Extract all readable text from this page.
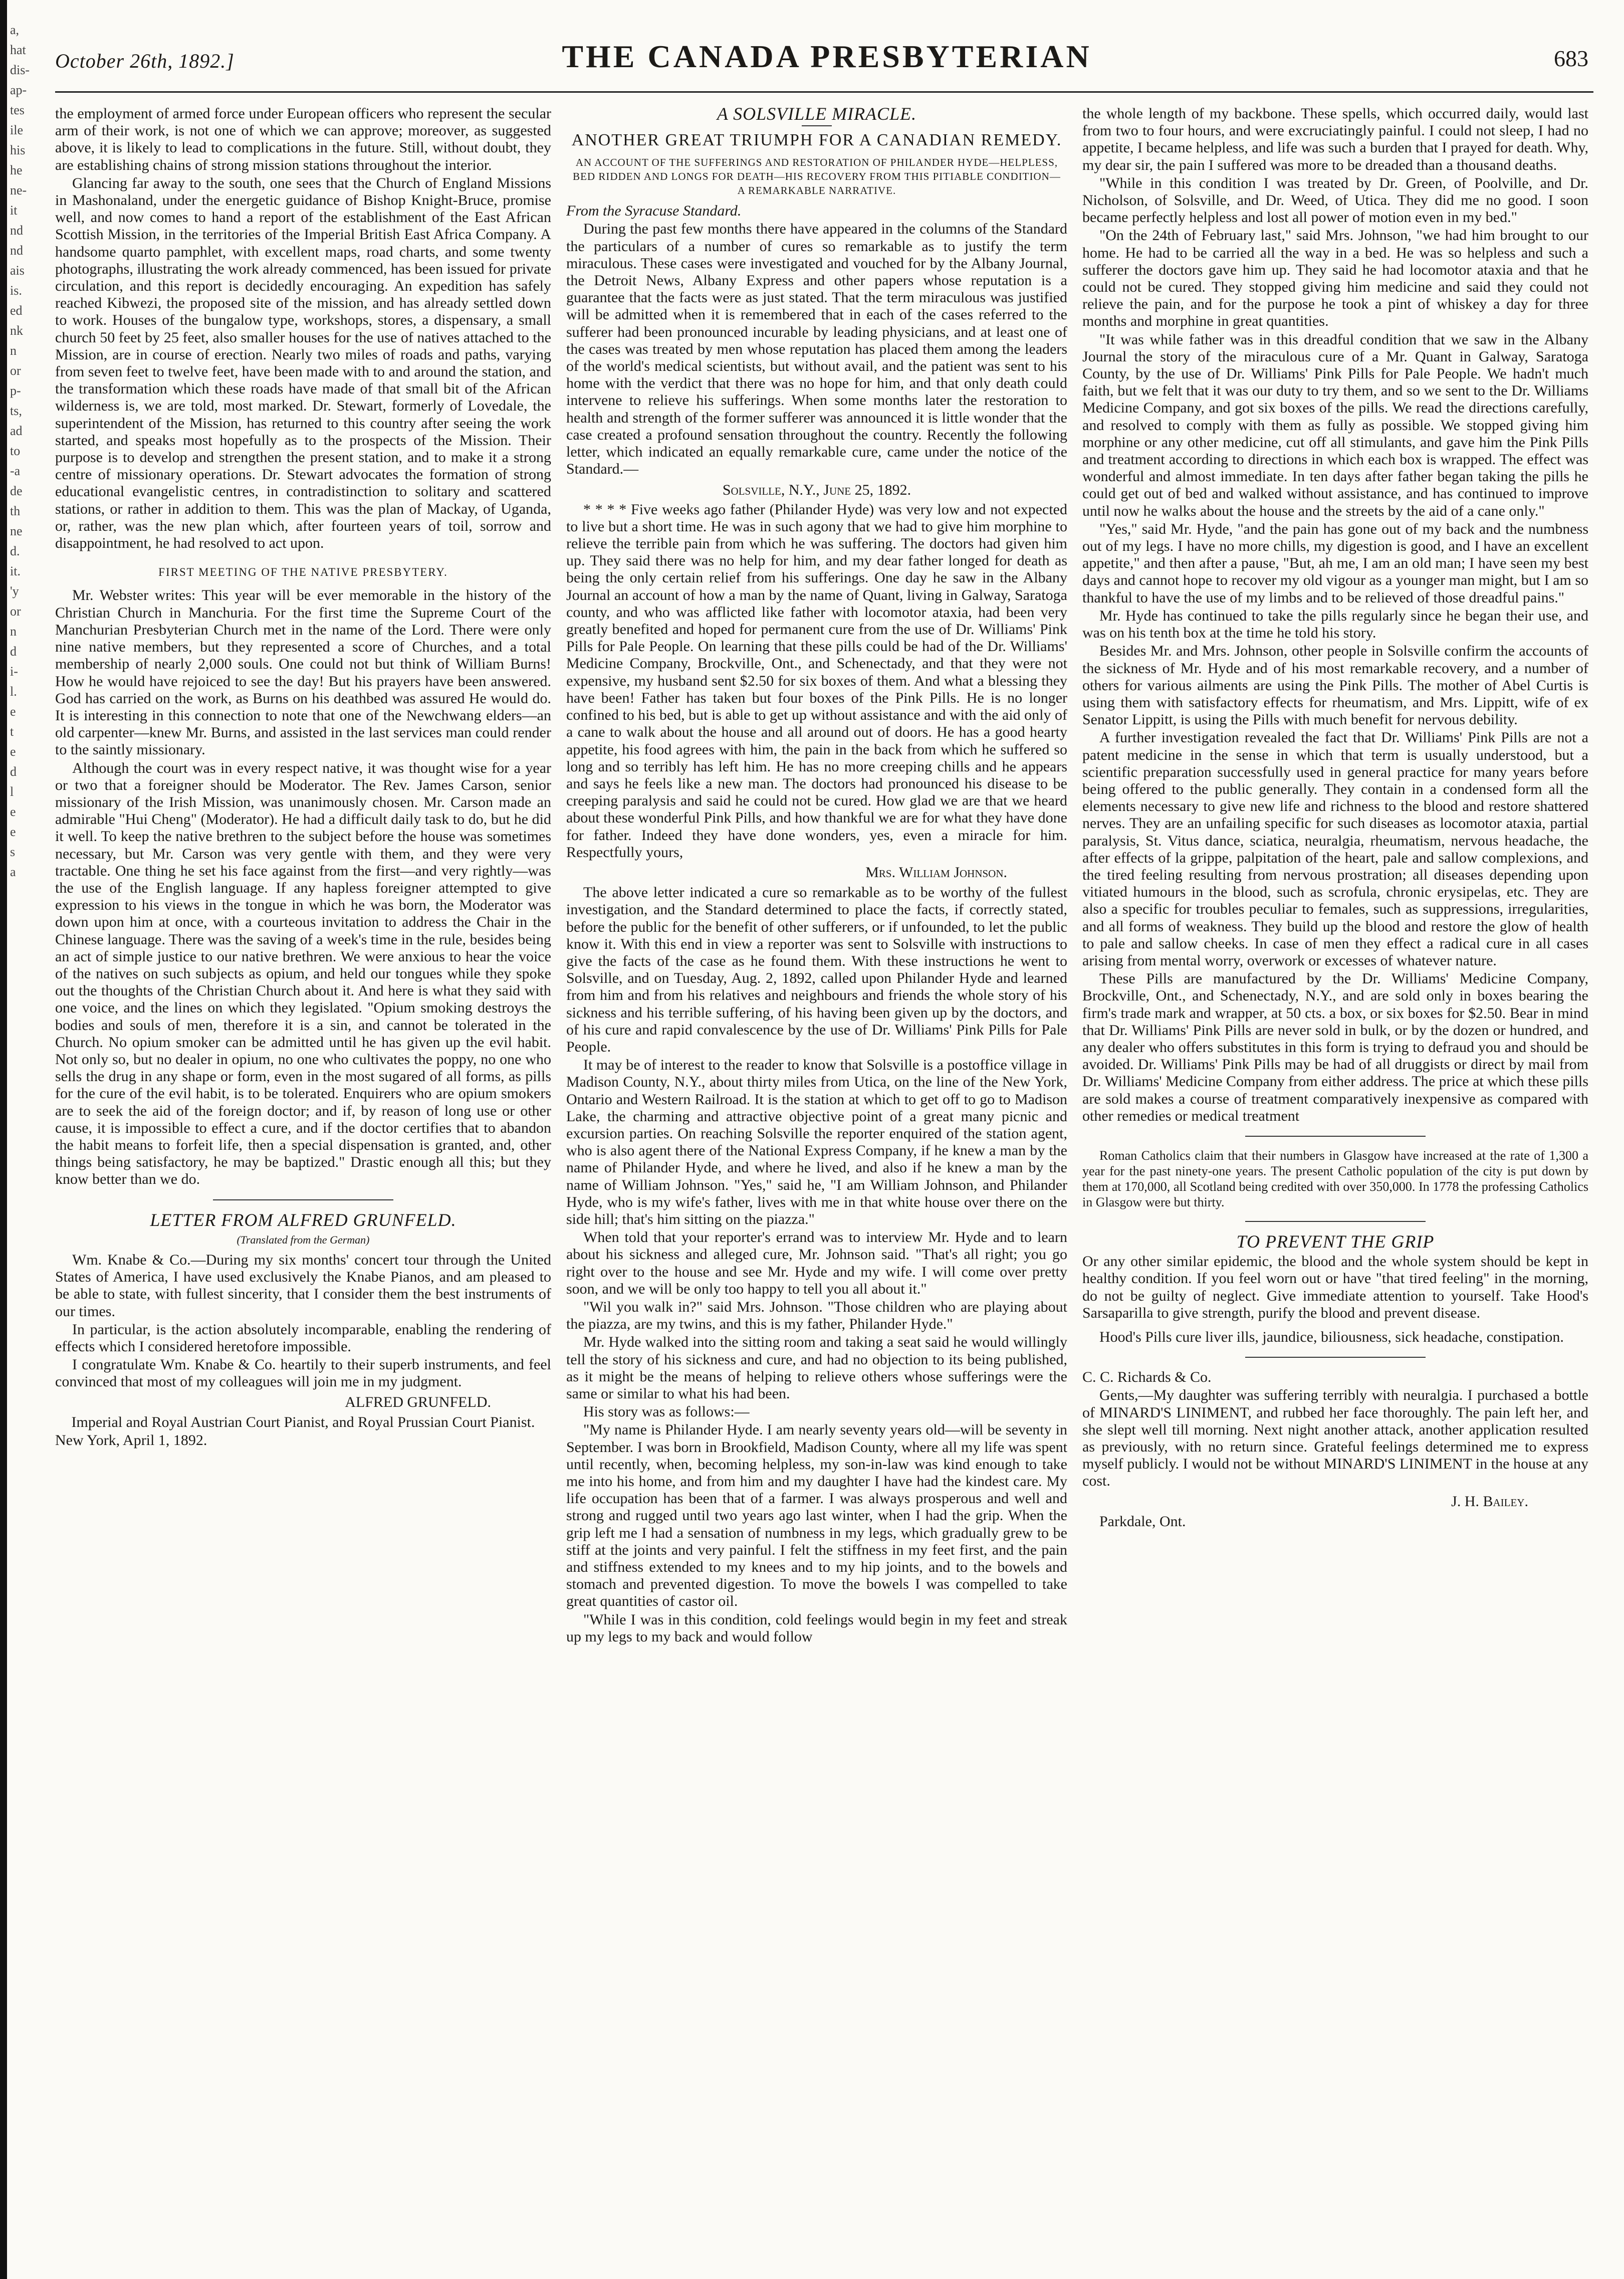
a,
hat
dis-
ap-
tes
ile
his
he
ne-
it
nd
nd
ais
is.
ed
nk
n
or
p-
ts,
ad
to
-a
de
th
ne
d.
it.
'y
or
n
d
i-
l.
e
t
e
d
l
e
e
s
a
October 26th, 1892.]	THE CANADA PRESBYTERIAN	683

the employment of armed force under European officers who represent the secular arm of their work, is not one of which we can approve; moreover, as suggested above, it is likely to lead to complications in the future. Still, without doubt, they are establishing chains of strong mission stations throughout the interior.

Glancing far away to the south, one sees that the Church of England Missions in Mashonaland, under the energetic guidance of Bishop Knight-Bruce, promise well, and now comes to hand a report of the establishment of the East African Scottish Mission, in the territories of the Imperial British East Africa Company. A handsome quarto pamphlet, with excellent maps, road charts, and some twenty photographs, illustrating the work already commenced, has been issued for private circulation, and this report is decidedly encouraging. An expedition has safely reached Kibwezi, the proposed site of the mission, and has already settled down to work. Houses of the bungalow type, workshops, stores, a dispensary, a small church 50 feet by 25 feet, also smaller houses for the use of natives attached to the Mission, are in course of erection. Nearly two miles of roads and paths, varying from seven feet to twelve feet, have been made with to and around the station, and the transformation which these roads have made of that small bit of the African wilderness is, we are told, most marked. Dr. Stewart, formerly of Lovedale, the superintendent of the Mission, has returned to this country after seeing the work started, and speaks most hopefully as to the prospects of the Mission. Their purpose is to develop and strengthen the present station, and to make it a strong centre of missionary operations. Dr. Stewart advocates the formation of strong educational evangelistic centres, in contradistinction to solitary and scattered stations, or rather in addition to them. This was the plan of Mackay, of Uganda, or, rather, was the new plan which, after fourteen years of toil, sorrow and disappointment, he had resolved to act upon.

FIRST MEETING OF THE NATIVE PRESBYTERY.

Mr. Webster writes: This year will be ever memorable in the history of the Christian Church in Manchuria. For the first time the Supreme Court of the Manchurian Presbyterian Church met in the name of the Lord. There were only nine native members, but they represented a score of Churches, and a total membership of nearly 2,000 souls. One could not but think of William Burns! How he would have rejoiced to see the day! But his prayers have been answered. God has carried on the work, as Burns on his deathbed was assured He would do. It is interesting in this connection to note that one of the Newchwang elders—an old carpenter—knew Mr. Burns, and assisted in the last services man could render to the saintly missionary.

Although the court was in every respect native, it was thought wise for a year or two that a foreigner should be Moderator. The Rev. James Carson, senior missionary of the Irish Mission, was unanimously chosen. Mr. Carson made an admirable "Hui Cheng" (Moderator). He had a difficult daily task to do, but he did it well. To keep the native brethren to the subject before the house was sometimes necessary, but Mr. Carson was very gentle with them, and they were very tractable. One thing he set his face against from the first—and very rightly—was the use of the English language. If any hapless foreigner attempted to give expression to his views in the tongue in which he was born, the Moderator was down upon him at once, with a courteous invitation to address the Chair in the Chinese language. There was the saving of a week's time in the rule, besides being an act of simple justice to our native brethren. We were anxious to hear the voice of the natives on such subjects as opium, and held our tongues while they spoke out the thoughts of the Christian Church about it. And here is what they said with one voice, and the lines on which they legislated. "Opium smoking destroys the bodies and souls of men, therefore it is a sin, and cannot be tolerated in the Church. No opium smoker can be admitted until he has given up the evil habit. Not only so, but no dealer in opium, no one who cultivates the poppy, no one who sells the drug in any shape or form, even in the most sugared of all forms, as pills for the cure of the evil habit, is to be tolerated. Enquirers who are opium smokers are to seek the aid of the foreign doctor; and if, by reason of long use or other cause, it is impossible to effect a cure, and if the doctor certifies that to abandon the habit means to forfeit life, then a special dispensation is granted, and, other things being satisfactory, he may be baptized." Drastic enough all this; but they know better than we do.

LETTER FROM ALFRED GRUNFELD.
(Translated from the German)

Wm. Knabe & Co.—During my six months' concert tour through the United States of America, I have used exclusively the Knabe Pianos, and am pleased to be able to state, with fullest sincerity, that I consider them the best instruments of our times.

In particular, is the action absolutely incomparable, enabling the rendering of effects which I considered heretofore impossible.

I congratulate Wm. Knabe & Co. heartily to their superb instruments, and feel convinced that most of my colleagues will join me in my judgment.

ALFRED GRUNFELD.

Imperial and Royal Austrian Court Pianist, and Royal Prussian Court Pianist.

New York, April 1, 1892.

A SOLSVILLE MIRACLE.
ANOTHER GREAT TRIUMPH FOR A CANADIAN REMEDY.
AN ACCOUNT OF THE SUFFERINGS AND RESTORATION OF PHILANDER HYDE—HELPLESS, BED RIDDEN AND LONGS FOR DEATH—HIS RECOVERY FROM THIS PITIABLE CONDITION—A REMARKABLE NARRATIVE.

From the Syracuse Standard.

During the past few months there have appeared in the columns of the Standard the particulars of a number of cures so remarkable as to justify the term miraculous. These cases were investigated and vouched for by the Albany Journal, the Detroit News, Albany Express and other papers whose reputation is a guarantee that the facts were as just stated. That the term miraculous was justified will be admitted when it is remembered that in each of the cases referred to the sufferer had been pronounced incurable by leading physicians, and at least one of the cases was treated by men whose reputation has placed them among the leaders of the world's medical scientists, but without avail, and the patient was sent to his home with the verdict that there was no hope for him, and that only death could intervene to relieve his sufferings. When some months later the restoration to health and strength of the former sufferer was announced it is little wonder that the case created a profound sensation throughout the country. Recently the following letter, which indicated an equally remarkable cure, came under the notice of the Standard.—

Solsville, N.Y., June 25, 1892.

* * * * Five weeks ago father (Philander Hyde) was very low and not expected to live but a short time. He was in such agony that we had to give him morphine to relieve the terrible pain from which he was suffering. The doctors had given him up. They said there was no help for him, and my dear father longed for death as being the only certain relief from his sufferings. One day he saw in the Albany Journal an account of how a man by the name of Quant, living in Galway, Saratoga county, and who was afflicted like father with locomotor ataxia, had been very greatly benefited and hoped for permanent cure from the use of Dr. Williams' Pink Pills for Pale People. On learning that these pills could be had of the Dr. Williams' Medicine Company, Brockville, Ont., and Schenectady, and that they were not expensive, my husband sent $2.50 for six boxes of them. And what a blessing they have been! Father has taken but four boxes of the Pink Pills. He is no longer confined to his bed, but is able to get up without assistance and with the aid only of a cane to walk about the house and all around out of doors. He has a good hearty appetite, his food agrees with him, the pain in the back from which he suffered so long and so terribly has left him. He has no more creeping chills and he appears and says he feels like a new man. The doctors had pronounced his disease to be creeping paralysis and said he could not be cured. How glad we are that we heard about these wonderful Pink Pills, and how thankful we are for what they have done for father. Indeed they have done wonders, yes, even a miracle for him. Respectfully yours,

Mrs. William Johnson.

The above letter indicated a cure so remarkable as to be worthy of the fullest investigation, and the Standard determined to place the facts, if correctly stated, before the public for the benefit of other sufferers, or if unfounded, to let the public know it. With this end in view a reporter was sent to Solsville with instructions to give the facts of the case as he found them. With these instructions he went to Solsville, and on Tuesday, Aug. 2, 1892, called upon Philander Hyde and learned from him and from his relatives and neighbours and friends the whole story of his sickness and his terrible suffering, of his having been given up by the doctors, and of his cure and rapid convalescence by the use of Dr. Williams' Pink Pills for Pale People.

It may be of interest to the reader to know that Solsville is a postoffice village in Madison County, N.Y., about thirty miles from Utica, on the line of the New York, Ontario and Western Railroad. It is the station at which to get off to go to Madison Lake, the charming and attractive objective point of a great many picnic and excursion parties. On reaching Solsville the reporter enquired of the station agent, who is also agent there of the National Express Company, if he knew a man by the name of Philander Hyde, and where he lived, and also if he knew a man by the name of William Johnson. "Yes," said he, "I am William Johnson, and Philander Hyde, who is my wife's father, lives with me in that white house over there on the side hill; that's him sitting on the piazza."

When told that your reporter's errand was to interview Mr. Hyde and to learn about his sickness and alleged cure, Mr. Johnson said. "That's all right; you go right over to the house and see Mr. Hyde and my wife. I will come over pretty soon, and we will be only too happy to tell you all about it."

"Wil you walk in?" said Mrs. Johnson. "Those children who are playing about the piazza, are my twins, and this is my father, Philander Hyde."

Mr. Hyde walked into the sitting room and taking a seat said he would willingly tell the story of his sickness and cure, and had no objection to its being published, as it might be the means of helping to relieve others whose sufferings were the same or similar to what his had been.

His story was as follows:—

"My name is Philander Hyde. I am nearly seventy years old—will be seventy in September. I was born in Brookfield, Madison County, where all my life was spent until recently, when, becoming helpless, my son-in-law was kind enough to take me into his home, and from him and my daughter I have had the kindest care. My life occupation has been that of a farmer. I was always prosperous and well and strong and rugged until two years ago last winter, when I had the grip. When the grip left me I had a sensation of numbness in my legs, which gradually grew to be stiff at the joints and very painful. I felt the stiffness in my feet first, and the pain and stiffness extended to my knees and to my hip joints, and to the bowels and stomach and prevented digestion. To move the bowels I was compelled to take great quantities of castor oil.

"While I was in this condition, cold feelings would begin in my feet and streak up my legs to my back and would follow

the whole length of my backbone. These spells, which occurred daily, would last from two to four hours, and were excruciatingly painful. I could not sleep, I had no appetite, I became helpless, and life was such a burden that I prayed for death. Why, my dear sir, the pain I suffered was more to be dreaded than a thousand deaths.

"While in this condition I was treated by Dr. Green, of Poolville, and Dr. Nicholson, of Solsville, and Dr. Weed, of Utica. They did me no good. I soon became perfectly helpless and lost all power of motion even in my bed."

"On the 24th of February last," said Mrs. Johnson, "we had him brought to our home. He had to be carried all the way in a bed. He was so helpless and such a sufferer the doctors gave him up. They said he had locomotor ataxia and that he could not be cured. They stopped giving him medicine and said they could not relieve the pain, and for the purpose he took a pint of whiskey a day for three months and morphine in great quantities.

"It was while father was in this dreadful condition that we saw in the Albany Journal the story of the miraculous cure of a Mr. Quant in Galway, Saratoga County, by the use of Dr. Williams' Pink Pills for Pale People. We hadn't much faith, but we felt that it was our duty to try them, and so we sent to the Dr. Williams Medicine Company, and got six boxes of the pills. We read the directions carefully, and resolved to comply with them as fully as possible. We stopped giving him morphine or any other medicine, cut off all stimulants, and gave him the Pink Pills and treatment according to directions in which each box is wrapped. The effect was wonderful and almost immediate. In ten days after father began taking the pills he could get out of bed and walked without assistance, and has continued to improve until now he walks about the house and the streets by the aid of a cane only."

"Yes," said Mr. Hyde, "and the pain has gone out of my back and the numbness out of my legs. I have no more chills, my digestion is good, and I have an excellent appetite," and then after a pause, "But, ah me, I am an old man; I have seen my best days and cannot hope to recover my old vigour as a younger man might, but I am so thankful to have the use of my limbs and to be relieved of those dreadful pains."

Mr. Hyde has continued to take the pills regularly since he began their use, and was on his tenth box at the time he told his story.

Besides Mr. and Mrs. Johnson, other people in Solsville confirm the accounts of the sickness of Mr. Hyde and of his most remarkable recovery, and a number of others for various ailments are using the Pink Pills. The mother of Abel Curtis is using them with satisfactory effects for rheumatism, and Mrs. Lippitt, wife of ex Senator Lippitt, is using the Pills with much benefit for nervous debility.

A further investigation revealed the fact that Dr. Williams' Pink Pills are not a patent medicine in the sense in which that term is usually understood, but a scientific preparation successfully used in general practice for many years before being offered to the public generally. They contain in a condensed form all the elements necessary to give new life and richness to the blood and restore shattered nerves. They are an unfailing specific for such diseases as locomotor ataxia, partial paralysis, St. Vitus dance, sciatica, neuralgia, rheumatism, nervous headache, the after effects of la grippe, palpitation of the heart, pale and sallow complexions, and the tired feeling resulting from nervous prostration; all diseases depending upon vitiated humours in the blood, such as scrofula, chronic erysipelas, etc. They are also a specific for troubles peculiar to females, such as suppressions, irregularities, and all forms of weakness. They build up the blood and restore the glow of health to pale and sallow cheeks. In case of men they effect a radical cure in all cases arising from mental worry, overwork or excesses of whatever nature.

These Pills are manufactured by the Dr. Williams' Medicine Company, Brockville, Ont., and Schenectady, N.Y., and are sold only in boxes bearing the firm's trade mark and wrapper, at 50 cts. a box, or six boxes for $2.50. Bear in mind that Dr. Williams' Pink Pills are never sold in bulk, or by the dozen or hundred, and any dealer who offers substitutes in this form is trying to defraud you and should be avoided. Dr. Williams' Pink Pills may be had of all druggists or direct by mail from Dr. Williams' Medicine Company from either address. The price at which these pills are sold makes a course of treatment comparatively inexpensive as compared with other remedies or medical treatment

Roman Catholics claim that their numbers in Glasgow have increased at the rate of 1,300 a year for the past ninety-one years. The present Catholic population of the city is put down by them at 170,000, all Scotland being credited with over 350,000. In 1778 the professing Catholics in Glasgow were but thirty.

TO PREVENT THE GRIP

Or any other similar epidemic, the blood and the whole system should be kept in healthy condition. If you feel worn out or have "that tired feeling" in the morning, do not be guilty of neglect. Give immediate attention to yourself. Take Hood's Sarsaparilla to give strength, purify the blood and prevent disease.

Hood's Pills cure liver ills, jaundice, biliousness, sick headache, constipation.

C. C. Richards & Co.

Gents,—My daughter was suffering terribly with neuralgia. I purchased a bottle of MINARD'S LINIMENT, and rubbed her face thoroughly. The pain left her, and she slept well till morning. Next night another attack, another application resulted as previously, with no return since. Grateful feelings determined me to express myself publicly. I would not be without MINARD'S LINIMENT in the house at any cost.

J. H. Bailey.

Parkdale, Ont.
